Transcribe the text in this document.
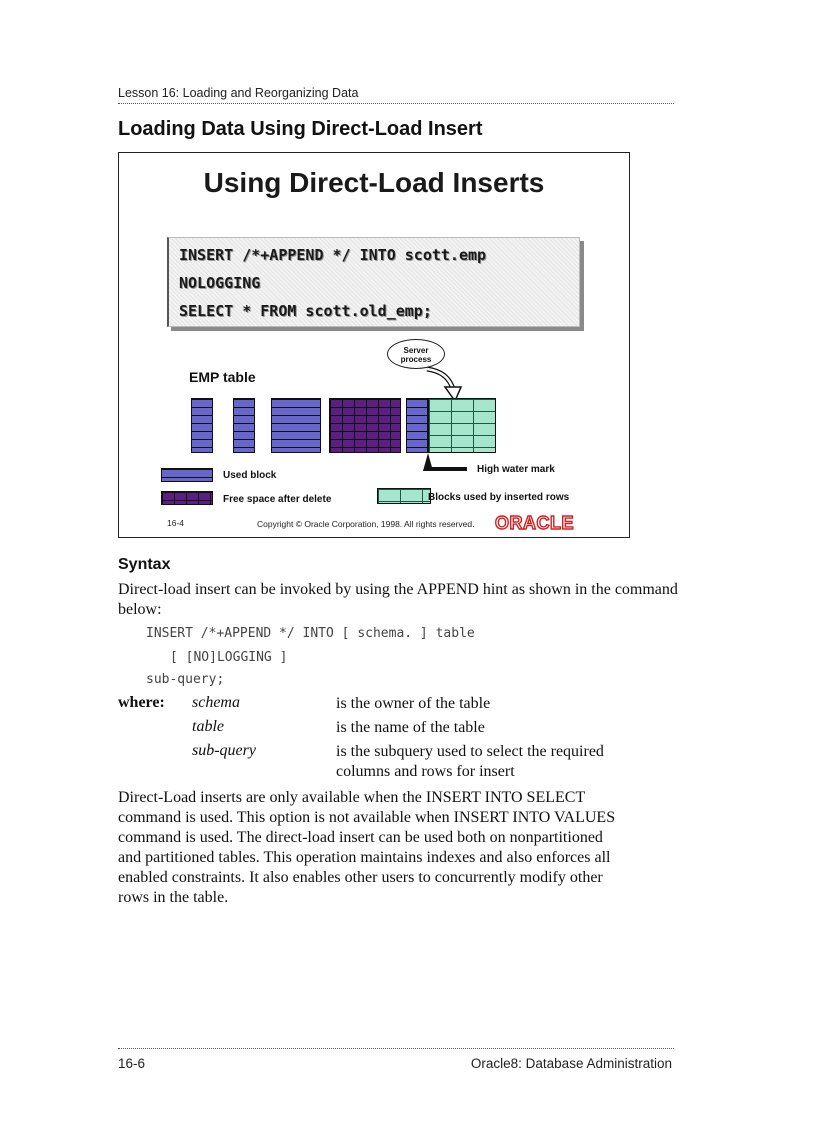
Lesson 16: Loading and Reorganizing Data
Loading Data Using Direct-Load Insert
Using Direct-Load Inserts
INSERT /*+APPEND */ INTO scott.emp
NOLOGGING
SELECT * FROM scott.old_emp;
Server
process
EMP table
High water mark
Used block
Free space after delete	Blocks used by inserted rows
16-4	Copyright © Oracle Corporation, 1998. All rights reserved. ORACLE
Syntax
Direct-load insert can be invoked by using the APPEND hint as shown in the command below:
INSERT /*+APPEND */ INTO [ schema. ] table
[ [NO]LOGGING ]
sub-query;
where: schema	is the owner of the table
table	is the name of the table
sub-query	is the subquery used to select the required columns and rows for insert
Direct-Load inserts are only available when the INSERT INTO SELECT command is used. This option is not available when INSERT INTO VALUES command is used. The direct-load insert can be used both on nonpartitioned and partitioned tables. This operation maintains indexes and also enforces all enabled constraints. It also enables other users to concurrently modify other rows in the table.
16-6	Oracle8: Database Administration
